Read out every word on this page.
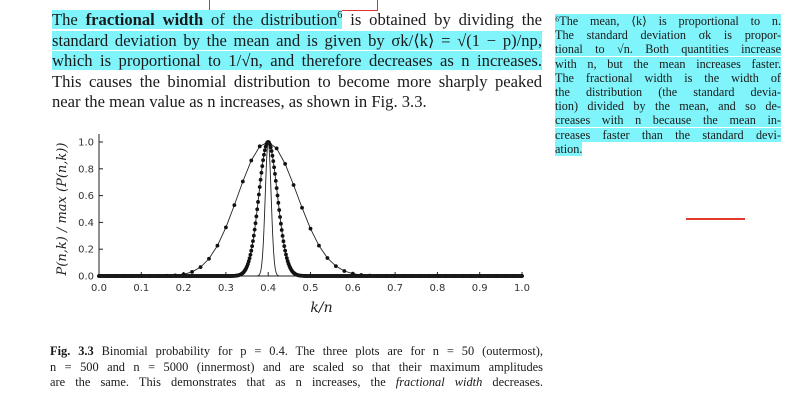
The fractional width of the distribution$^6$ is obtained by dividing the
standard deviation by the mean and is given by σk/⟨k⟩ = √(1 − p)/np,
which is proportional to 1/√n, and therefore decreases as n increases.
This causes the binomial distribution to become more sharply peaked
near the mean value as n increases, as shown in Fig. 3.3.

⁶The mean, ⟨k⟩ is proportional to n.
The standard deviation σk is propor-
tional to √n. Both quantities increase
with n, but the mean increases faster.
The fractional width is the width of
the distribution (the standard devia-
tion) divided by the mean, and so de-
creases with n because the mean in-
creases faster than the standard devi-
ation.
0.0	0.1	0.2	0.3	0.4	0.5	0.6	0.7	0.8	0.9	1.0
0.0
0.2
0.4
0.6
0.8
1.0
k/n
P(n,k) / max (P(n,k))
Fig. 3.3 Binomial probability for p = 0.4. The three plots are for n = 50 (outermost),
n = 500 and n = 5000 (innermost) and are scaled so that their maximum amplitudes
are the same. This demonstrates that as n increases, the fractional width decreases.
